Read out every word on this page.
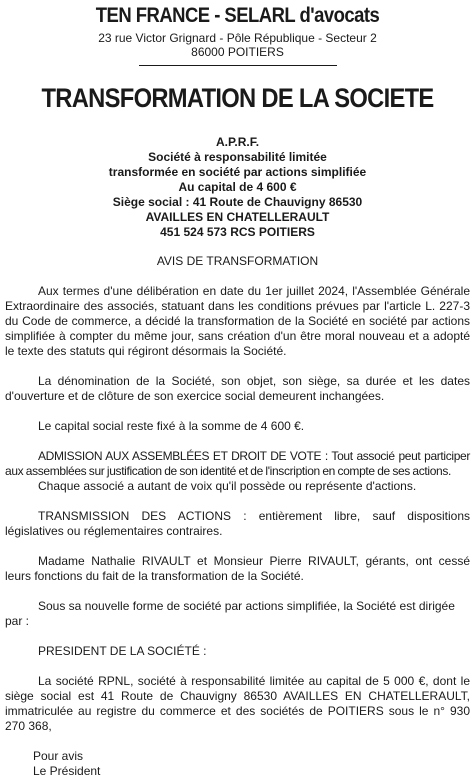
TEN FRANCE - SELARL d'avocats
23 rue Victor Grignard - Pôle République - Secteur 2
86000 POITIERS
TRANSFORMATION DE LA SOCIETE
A.P.R.F.
Société à responsabilité limitée
transformée en société par actions simplifiée
Au capital de 4 600 €
Siège social : 41 Route de Chauvigny 86530
AVAILLES EN CHATELLERAULT
451 524 573 RCS POITIERS
AVIS DE TRANSFORMATION

Aux termes d'une délibération en date du 1er juillet 2024, l'Assemblée Générale Extraordinaire des associés, statuant dans les conditions prévues par l'article L. 227-3 du Code de commerce, a décidé la transformation de la Société en société par actions simplifiée à compter du même jour, sans création d'un être moral nouveau et a adopté le texte des statuts qui régiront désormais la Société.

La dénomination de la Société, son objet, son siège, sa durée et les dates d'ouverture et de clôture de son exercice social demeurent inchangées.

Le capital social reste fixé à la somme de 4 600 €.

ADMISSION AUX ASSEMBLÉES ET DROIT DE VOTE : Tout associé peut participer aux assemblées sur justification de son identité et de l'inscription en compte de ses actions.

Chaque associé a autant de voix qu'il possède ou représente d'actions.

TRANSMISSION DES ACTIONS : entièrement libre, sauf dispositions législatives ou réglementaires contraires.

Madame Nathalie RIVAULT et Monsieur Pierre RIVAULT, gérants, ont cessé leurs fonctions du fait de la transformation de la Société.

Sous sa nouvelle forme de société par actions simplifiée, la Société est dirigée par :

PRESIDENT DE LA SOCIÉTÉ :

La société RPNL, société à responsabilité limitée au capital de 5 000 €, dont le siège social est 41 Route de Chauvigny 86530 AVAILLES EN CHATELLERAULT, immatriculée au registre du commerce et des sociétés de POITIERS sous le n° 930 270 368,

Pour avis
Le Président
